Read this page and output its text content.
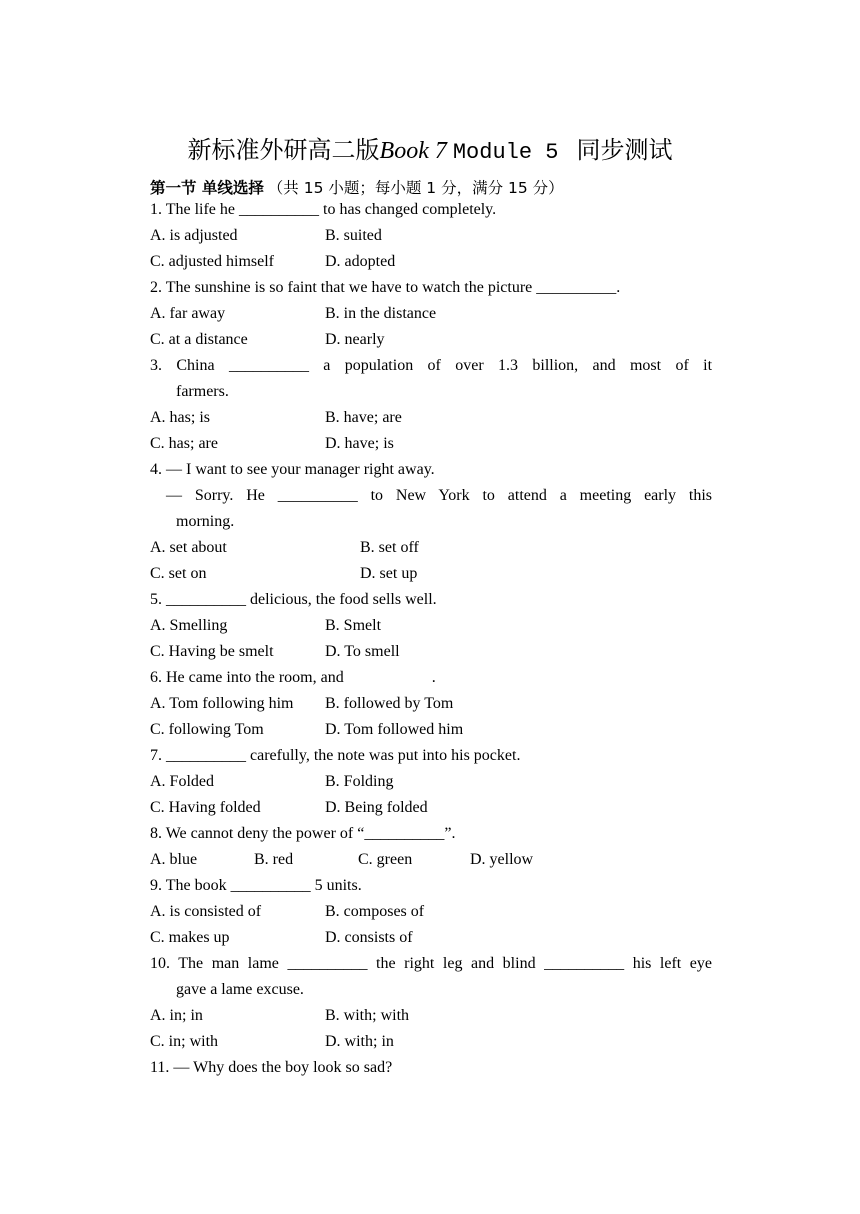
新标准外研高二版Book 7 Module 5 同步测试
第一节 单线选择 （共 15 小题；每小题 1 分，满分 15 分）
1. The life he __________ to has changed completely.
A. is adjusted	B. suited
C. adjusted himself	D. adopted
2. The sunshine is so faint that we have to watch the picture __________.
A. far away	B. in the distance
C. at a distance	D. nearly
3. China __________ a population of over 1.3 billion, and most of it
farmers.
A. has; is	B. have; are
C. has; are	D. have; is
4. — I want to see your manager right away.
— Sorry. He __________ to New York to attend a meeting early this
morning.
A. set about	B. set off
C. set on	D. set up
5. __________ delicious, the food sells well.
A. Smelling	B. Smelt
C. Having be smelt	D. To smell
6. He came into the room, and	.
A. Tom following him B. followed by Tom
C. following Tom	D. Tom followed him
7. __________ carefully, the note was put into his pocket.
A. Folded	B. Folding
C. Having folded	D. Being folded
8. We cannot deny the power of “__________”.
A. blue	B. red	C. green	D. yellow
9. The book __________ 5 units.
A. is consisted of	B. composes of
C. makes up	D. consists of
10. The man lame __________ the right leg and blind __________ his left eye
gave a lame excuse.
A. in; in	B. with; with
C. in; with	D. with; in
11. — Why does the boy look so sad?
